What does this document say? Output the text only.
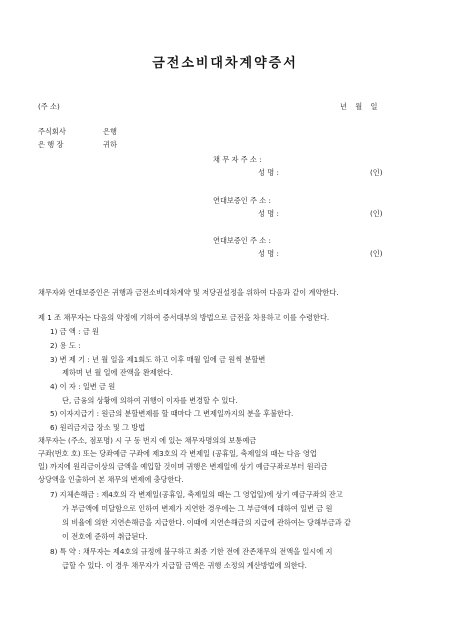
금전소비대차계약증서
(주 소)	년 월 일
주식회사	은행
은 행 장	귀하
채 무 자 주 소 :
성 명 :	(인)
연대보증인 주 소 :
성 명 :	(인)
연대보증인 주 소 :
성 명 :	(인)
채무자와 연대보증인은 귀행과 금전소비대차계약 및 저당권설정을 위하여 다음과 같이 계약한다.
제 1 조 채무자는 다음의 약정에 기하여 증서대부의 방법으로 금전을 차용하고 이를 수령한다.
1) 금 액 : 금 원
2) 용 도 :
3) 변 제 기 : 년 월 일을 제1회도 하고 이후 매월 일에 금 원씩 분할변
제하며 년 월 일에 잔액을 완제한다.
4) 이 자 : 일변 금 원
단, 금융의 상황에 의하여 귀행이 이자를 변경할 수 있다.
5) 이자지급기 : 원금의 분할변제를 할 때마다 그 변제일까지의 분을 후불한다.
6) 원리금지급 장소 및 그 방법
채무자는 (주소, 점포명) 시 구 동 번지 에 있는 채무자명의의 보통예금
구좌(번호 호) 또는 당좌예금 구좌에 제3호의 각 변제일 (공휴일, 축제일의 때는 다음 영업
일) 까지에 원리금이상의 금액을 예입할 것이며 귀행은 변제일에 상기 예금구좌로부터 원리금
상당액을 인출하여 본 채무의 변제에 충당한다.
7) 지체손해금 : 제4호의 각 변제일(공휴일, 축제일의 때는 그 영업일)에 상기 예금구좌의 잔고
가 부금액에 미달함으로 인하여 변제가 지연한 경우에는 그 부금액에 대하여 일변 금 원
의 비율에 의한 지연손해금을 지급한다. 이때에 지연손해금의 지급에 관하여는 당해부금과 같
이 전호에 준하여 취급된다.
8) 특 약 : 채무자는 제4호의 규정에 불구하고 최종 기한 전에 잔존채무의 전액을 일시에 지
급할 수 있다. 이 경우 채무자가 지급할 금액은 귀행 소정의 계산방법에 의한다.
